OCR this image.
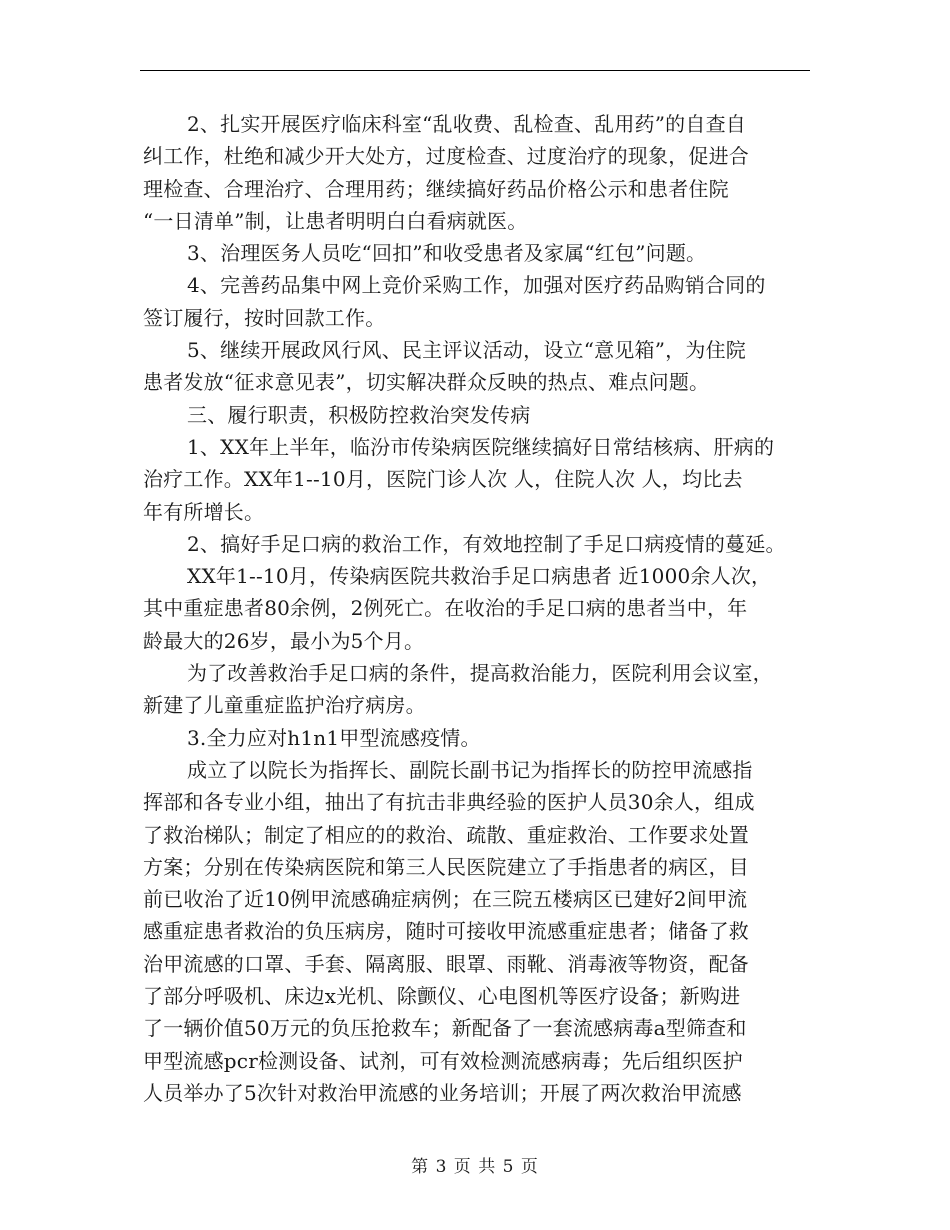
2、扎实开展医疗临床科室“乱收费、乱检查、乱用药”的自查自
纠工作，杜绝和减少开大处方，过度检查、过度治疗的现象，促进合
理检查、合理治疗、合理用药；继续搞好药品价格公示和患者住院
“一日清单”制，让患者明明白白看病就医。
3、治理医务人员吃“回扣”和收受患者及家属“红包”问题。
4、完善药品集中网上竞价采购工作，加强对医疗药品购销合同的
签订履行，按时回款工作。
5、继续开展政风行风、民主评议活动，设立“意见箱”，为住院
患者发放“征求意见表”，切实解决群众反映的热点、难点问题。
三、履行职责，积极防控救治突发传病
1、XX年上半年，临汾市传染病医院继续搞好日常结核病、肝病的
治疗工作。XX年1--10月，医院门诊人次 人，住院人次 人，均比去
年有所增长。
2、搞好手足口病的救治工作，有效地控制了手足口病疫情的蔓延。
XX年1--10月，传染病医院共救治手足口病患者 近1000余人次，
其中重症患者80余例，2例死亡。在收治的手足口病的患者当中，年
龄最大的26岁，最小为5个月。
为了改善救治手足口病的条件，提高救治能力，医院利用会议室，
新建了儿童重症监护治疗病房。
3.全力应对h1n1甲型流感疫情。
成立了以院长为指挥长、副院长副书记为指挥长的防控甲流感指
挥部和各专业小组，抽出了有抗击非典经验的医护人员30余人，组成
了救治梯队；制定了相应的的救治、疏散、重症救治、工作要求处置
方案；分别在传染病医院和第三人民医院建立了手指患者的病区，目
前已收治了近10例甲流感确症病例；在三院五楼病区已建好2间甲流
感重症患者救治的负压病房，随时可接收甲流感重症患者；储备了救
治甲流感的口罩、手套、隔离服、眼罩、雨靴、消毒液等物资，配备
了部分呼吸机、床边x光机、除颤仪、心电图机等医疗设备；新购进
了一辆价值50万元的负压抢救车；新配备了一套流感病毒a型筛查和
甲型流感pcr检测设备、试剂，可有效检测流感病毒；先后组织医护
人员举办了5次针对救治甲流感的业务培训；开展了两次救治甲流感
第 3 页 共 5 页
